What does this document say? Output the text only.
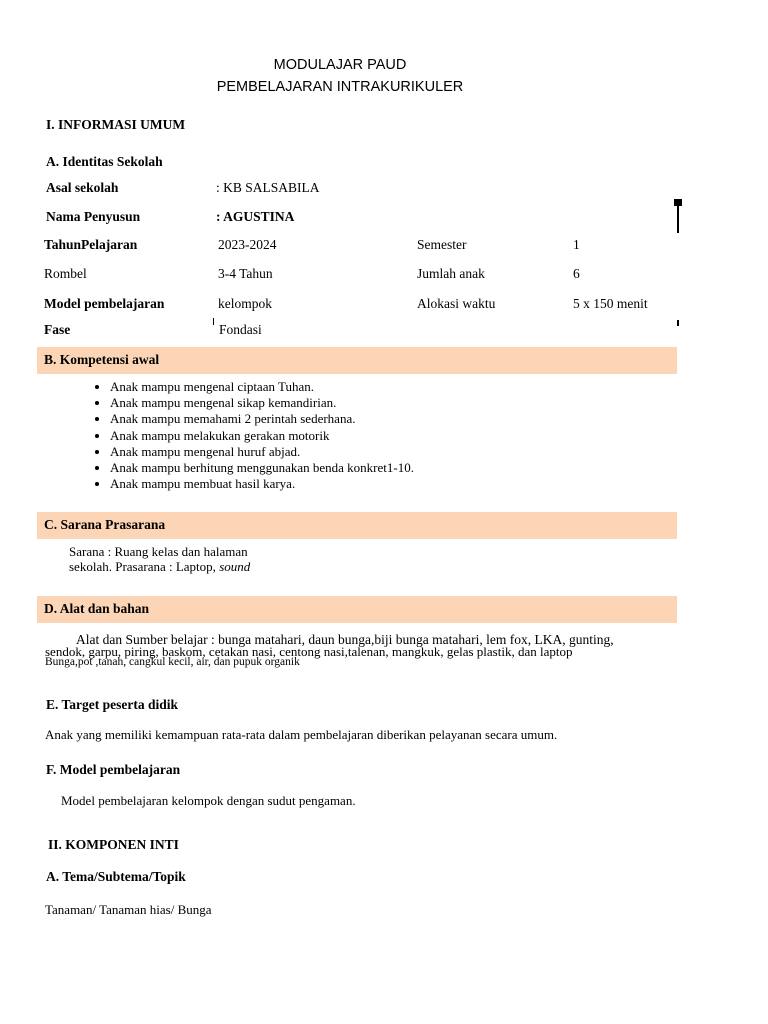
MODULAJAR PAUD
PEMBELAJARAN INTRAKURIKULER
I. INFORMASI UMUM
A. Identitas Sekolah
Asal sekolah	: KB SALSABILA
Nama Penyusun	: AGUSTINA
TahunPelajaran	2023-2024	Semester	1
Rombel	3-4 Tahun	Jumlah anak	6
Model pembelajaran	kelompok	Alokasi waktu	5 x 150 menit
Fase	Fondasi
B. Kompetensi awal
• Anak mampu mengenal ciptaan Tuhan.
• Anak mampu mengenal sikap kemandirian.
• Anak mampu memahami 2 perintah sederhana.
• Anak mampu melakukan gerakan motorik
• Anak mampu mengenal huruf abjad.
• Anak mampu berhitung menggunakan benda konkret1-10.
• Anak mampu membuat hasil karya.
C. Sarana Prasarana
Sarana : Ruang kelas dan halaman
sekolah. Prasarana : Laptop, sound
D. Alat dan bahan
Alat dan Sumber belajar : bunga matahari, daun bunga,biji bunga matahari, lem fox, LKA, gunting,
sendok, garpu, piring, baskom, cetakan nasi, centong nasi,talenan, mangkuk, gelas plastik, dan laptop
Bunga,pot ,tanah, cangkul kecil, air, dan pupuk organik
E. Target peserta didik
Anak yang memiliki kemampuan rata-rata dalam pembelajaran diberikan pelayanan secara umum.
F. Model pembelajaran
Model pembelajaran kelompok dengan sudut pengaman.
II. KOMPONEN INTI
A. Tema/Subtema/Topik
Tanaman/ Tanaman hias/ Bunga
